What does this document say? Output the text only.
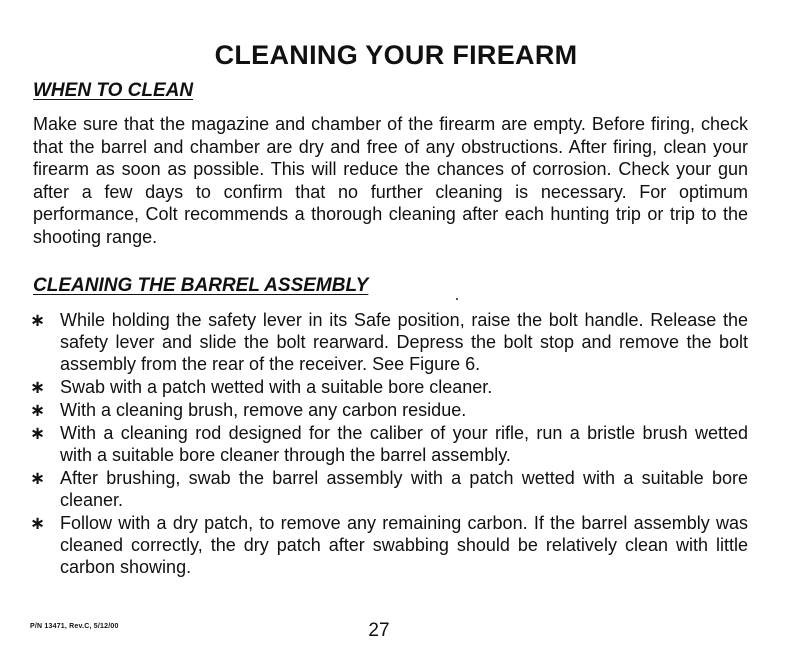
CLEANING YOUR FIREARM
WHEN TO CLEAN

Make sure that the magazine and chamber of the firearm are empty. Before firing, check that the barrel and chamber are dry and free of any obstructions. After firing, clean your firearm as soon as possible. This will reduce the chances of corrosion. Check your gun after a few days to confirm that no further cleaning is necessary. For optimum performance, Colt recommends a thorough cleaning after each hunting trip or trip to the shooting range.

CLEANING THE BARREL ASSEMBLY
∗ While holding the safety lever in its Safe position, raise the bolt handle. Release the safety lever and slide the bolt rearward. Depress the bolt stop and remove the bolt assembly from the rear of the receiver. See Figure 6.
∗ Swab with a patch wetted with a suitable bore cleaner.
∗ With a cleaning brush, remove any carbon residue.
∗ With a cleaning rod designed for the caliber of your rifle, run a bristle brush wetted with a suitable bore cleaner through the barrel assembly.
∗ After brushing, swab the barrel assembly with a patch wetted with a suitable bore cleaner.
∗ Follow with a dry patch, to remove any remaining carbon. If the barrel assembly was cleaned correctly, the dry patch after swabbing should be relatively clean with little carbon showing.
P/N 13471, Rev.C, 5/12/00	27
